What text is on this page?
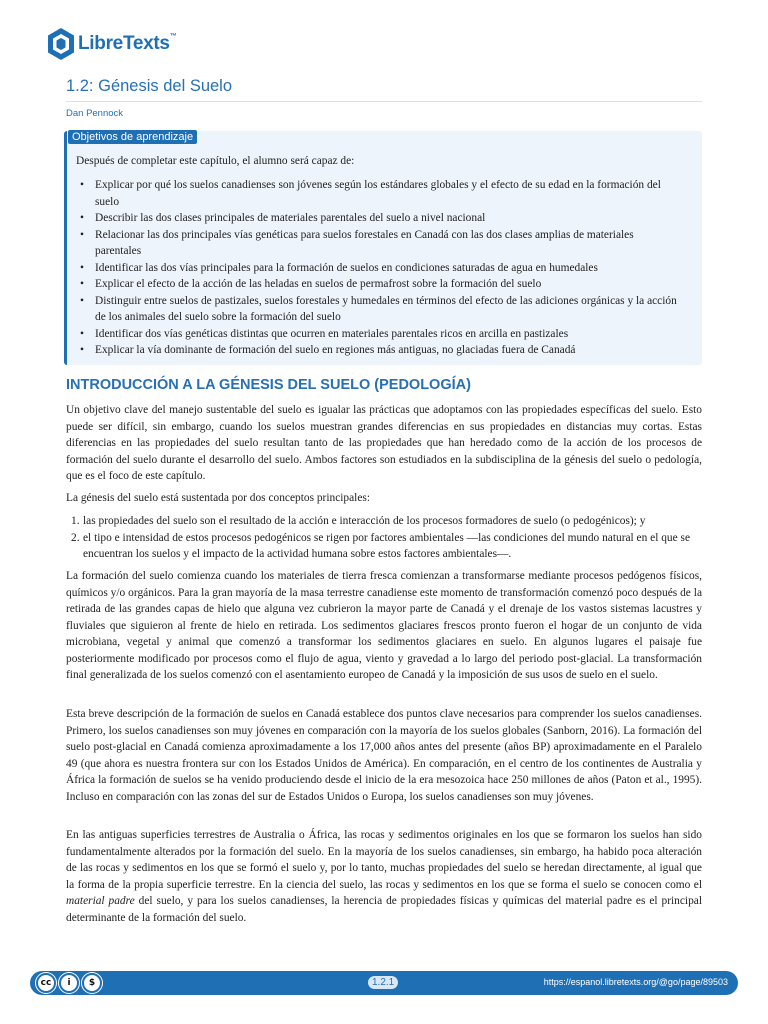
LibreTexts™
1.2: Génesis del Suelo
Dan Pennock
Objetivos de aprendizaje

Después de completar este capítulo, el alumno será capaz de:

• Explicar por qué los suelos canadienses son jóvenes según los estándares globales y el efecto de su edad en la formación del suelo
• Describir las dos clases principales de materiales parentales del suelo a nivel nacional
• Relacionar las dos principales vías genéticas para suelos forestales en Canadá con las dos clases amplias de materiales parentales
• Identificar las dos vías principales para la formación de suelos en condiciones saturadas de agua en humedales
• Explicar el efecto de la acción de las heladas en suelos de permafrost sobre la formación del suelo
• Distinguir entre suelos de pastizales, suelos forestales y humedales en términos del efecto de las adiciones orgánicas y la acción de los animales del suelo sobre la formación del suelo
• Identificar dos vías genéticas distintas que ocurren en materiales parentales ricos en arcilla en pastizales
• Explicar la vía dominante de formación del suelo en regiones más antiguas, no glaciadas fuera de Canadá
INTRODUCCIÓN A LA GÉNESIS DEL SUELO (PEDOLOGÍA)

Un objetivo clave del manejo sustentable del suelo es igualar las prácticas que adoptamos con las propiedades específicas del suelo. Esto puede ser difícil, sin embargo, cuando los suelos muestran grandes diferencias en sus propiedades en distancias muy cortas. Estas diferencias en las propiedades del suelo resultan tanto de las propiedades que han heredado como de la acción de los procesos de formación del suelo durante el desarrollo del suelo. Ambos factores son estudiados en la subdisciplina de la génesis del suelo o pedología, que es el foco de este capítulo.

La génesis del suelo está sustentada por dos conceptos principales:

1. las propiedades del suelo son el resultado de la acción e interacción de los procesos formadores de suelo (o pedogénicos); y
2. el tipo e intensidad de estos procesos pedogénicos se rigen por factores ambientales —las condiciones del mundo natural en el que se encuentran los suelos y el impacto de la actividad humana sobre estos factores ambientales—.

La formación del suelo comienza cuando los materiales de tierra fresca comienzan a transformarse mediante procesos pedógenos físicos, químicos y/o orgánicos. Para la gran mayoría de la masa terrestre canadiense este momento de transformación comenzó poco después de la retirada de las grandes capas de hielo que alguna vez cubrieron la mayor parte de Canadá y el drenaje de los vastos sistemas lacustres y fluviales que siguieron al frente de hielo en retirada. Los sedimentos glaciares frescos pronto fueron el hogar de un conjunto de vida microbiana, vegetal y animal que comenzó a transformar los sedimentos glaciares en suelo. En algunos lugares el paisaje fue posteriormente modificado por procesos como el flujo de agua, viento y gravedad a lo largo del periodo post-glacial. La transformación final generalizada de los suelos comenzó con el asentamiento europeo de Canadá y la imposición de sus usos de suelo en el suelo.

Esta breve descripción de la formación de suelos en Canadá establece dos puntos clave necesarios para comprender los suelos canadienses. Primero, los suelos canadienses son muy jóvenes en comparación con la mayoría de los suelos globales (Sanborn, 2016). La formación del suelo post-glacial en Canadá comienza aproximadamente a los 17,000 años antes del presente (años BP) aproximadamente en el Paralelo 49 (que ahora es nuestra frontera sur con los Estados Unidos de América). En comparación, en el centro de los continentes de Australia y África la formación de suelos se ha venido produciendo desde el inicio de la era mesozoica hace 250 millones de años (Paton et al., 1995). Incluso en comparación con las zonas del sur de Estados Unidos o Europa, los suelos canadienses son muy jóvenes.

En las antiguas superficies terrestres de Australia o África, las rocas y sedimentos originales en los que se formaron los suelos han sido fundamentalmente alterados por la formación del suelo. En la mayoría de los suelos canadienses, sin embargo, ha habido poca alteración de las rocas y sedimentos en los que se formó el suelo y, por lo tanto, muchas propiedades del suelo se heredan directamente, al igual que la forma de la propia superficie terrestre. En la ciencia del suelo, las rocas y sedimentos en los que se forma el suelo se conocen como el material padre del suelo, y para los suelos canadienses, la herencia de propiedades físicas y químicas del material padre es el principal determinante de la formación del suelo.

cc	i	$	1.2.1	https://espanol.libretexts.org/@go/page/89503
